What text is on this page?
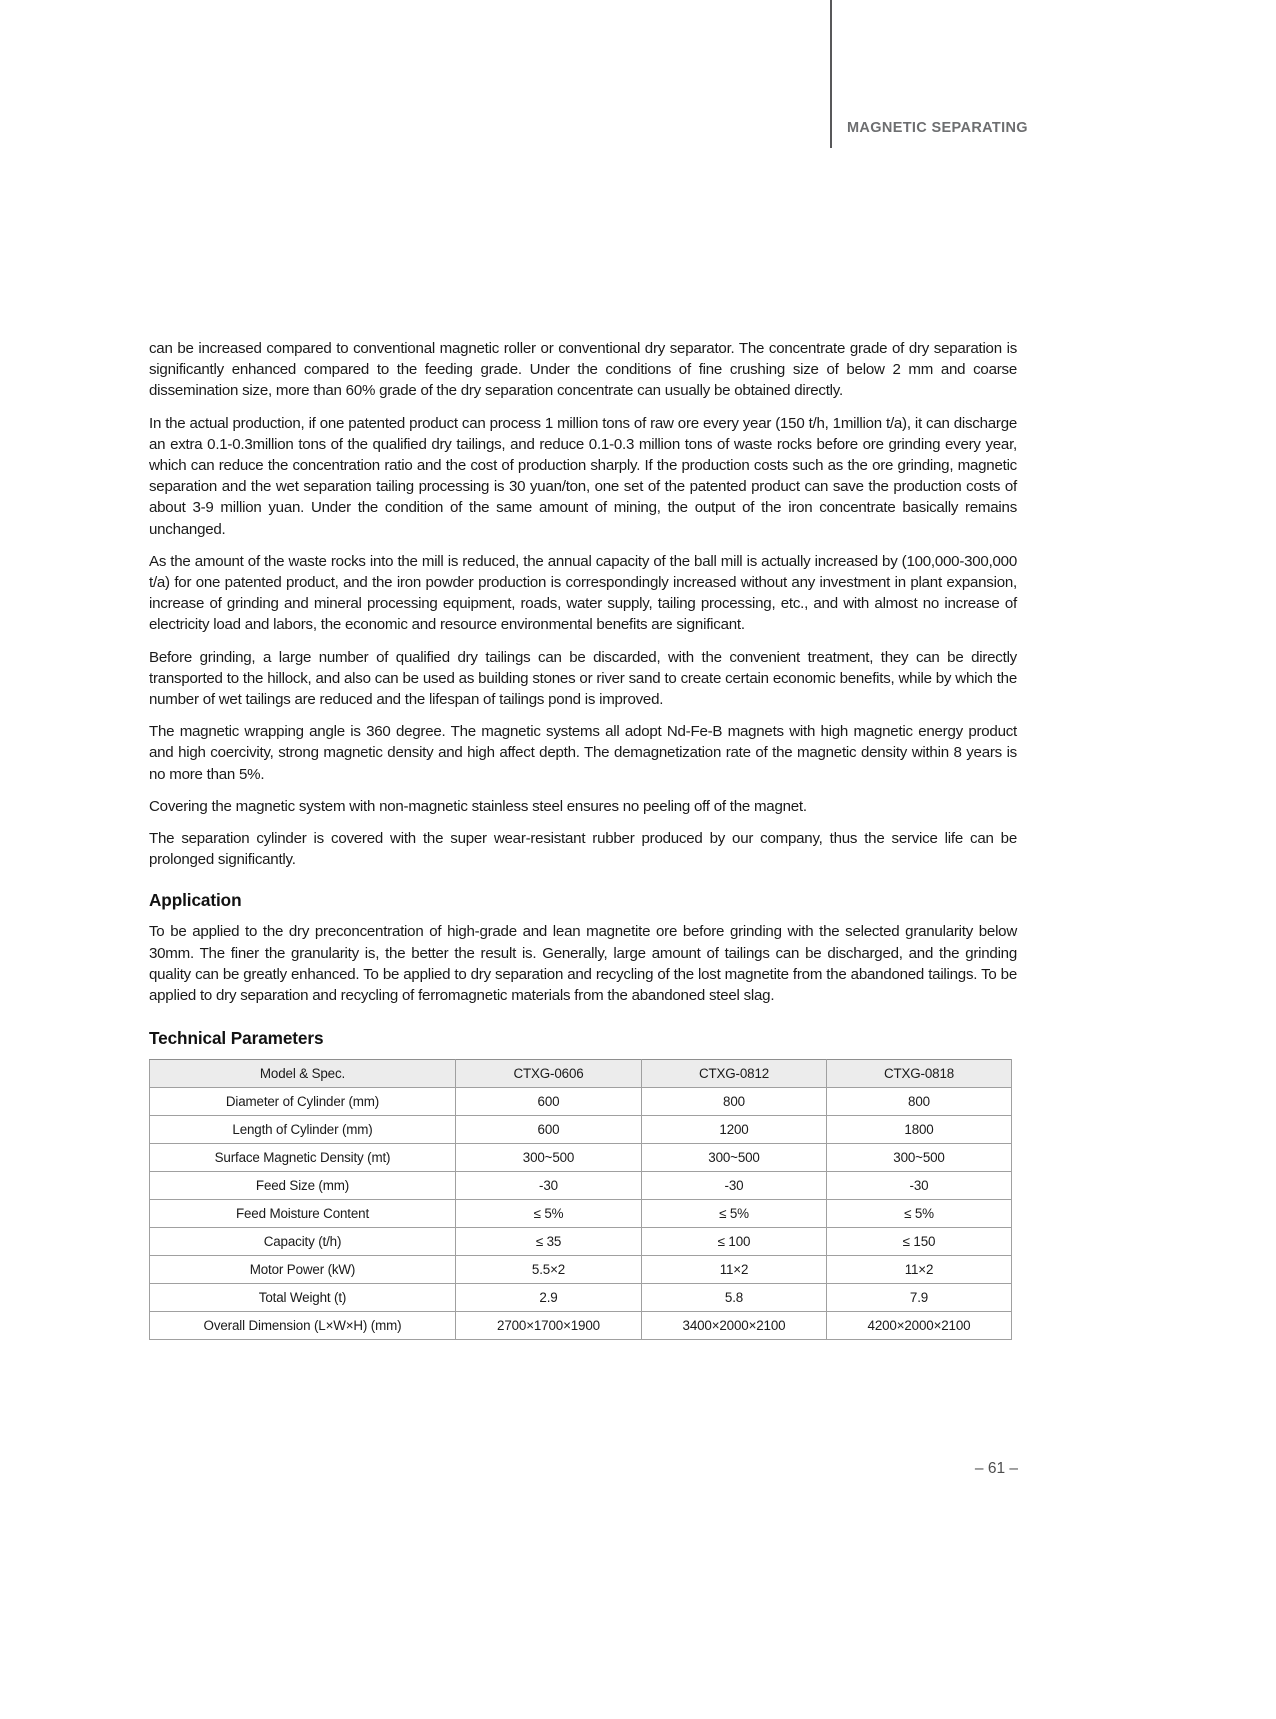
MAGNETIC SEPARATING

can be increased compared to conventional magnetic roller or conventional dry separator. The concentrate grade of dry separation is significantly enhanced compared to the feeding grade. Under the conditions of fine crushing size of below 2 mm and coarse dissemination size, more than 60% grade of the dry separation concentrate can usually be obtained directly.

In the actual production, if one patented product can process 1 million tons of raw ore every year (150 t/h, 1million t/a), it can discharge an extra 0.1-0.3million tons of the qualified dry tailings, and reduce 0.1-0.3 million tons of waste rocks before ore grinding every year, which can reduce the concentration ratio and the cost of production sharply. If the production costs such as the ore grinding, magnetic separation and the wet separation tailing processing is 30 yuan/ton, one set of the patented product can save the production costs of about 3-9 million yuan. Under the condition of the same amount of mining, the output of the iron concentrate basically remains unchanged.

As the amount of the waste rocks into the mill is reduced, the annual capacity of the ball mill is actually increased by (100,000-300,000 t/a) for one patented product, and the iron powder production is correspondingly increased without any investment in plant expansion, increase of grinding and mineral processing equipment, roads, water supply, tailing processing, etc., and with almost no increase of electricity load and labors, the economic and resource environmental benefits are significant.

Before grinding, a large number of qualified dry tailings can be discarded, with the convenient treatment, they can be directly transported to the hillock, and also can be used as building stones or river sand to create certain economic benefits, while by which the number of wet tailings are reduced and the lifespan of tailings pond is improved.

The magnetic wrapping angle is 360 degree. The magnetic systems all adopt Nd-Fe-B magnets with high magnetic energy product and high coercivity, strong magnetic density and high affect depth. The demagnetization rate of the magnetic density within 8 years is no more than 5%.

Covering the magnetic system with non-magnetic stainless steel ensures no peeling off of the magnet.

The separation cylinder is covered with the super wear-resistant rubber produced by our company, thus the service life can be prolonged significantly.

Application

To be applied to the dry preconcentration of high-grade and lean magnetite ore before grinding with the selected granularity below 30mm. The finer the granularity is, the better the result is. Generally, large amount of tailings can be discharged, and the grinding quality can be greatly enhanced. To be applied to dry separation and recycling of the lost magnetite from the abandoned tailings. To be applied to dry separation and recycling of ferromagnetic materials from the abandoned steel slag.

Technical Parameters
Model & Spec.	CTXG-0606	CTXG-0812	CTXG-0818
Diameter of Cylinder (mm)	600	800	800
Length of Cylinder (mm)	600	1200	1800
Surface Magnetic Density (mt)	300~500	300~500	300~500
Feed Size (mm)	-30	-30	-30
Feed Moisture Content	≤ 5%	≤ 5%	≤ 5%
Capacity (t/h)	≤ 35	≤ 100	≤ 150
Motor Power (kW)	5.5×2	11×2	11×2
Total Weight (t)	2.9	5.8	7.9
Overall Dimension (L×W×H) (mm)	2700×1700×1900	3400×2000×2100	4200×2000×2100
– 61 –
